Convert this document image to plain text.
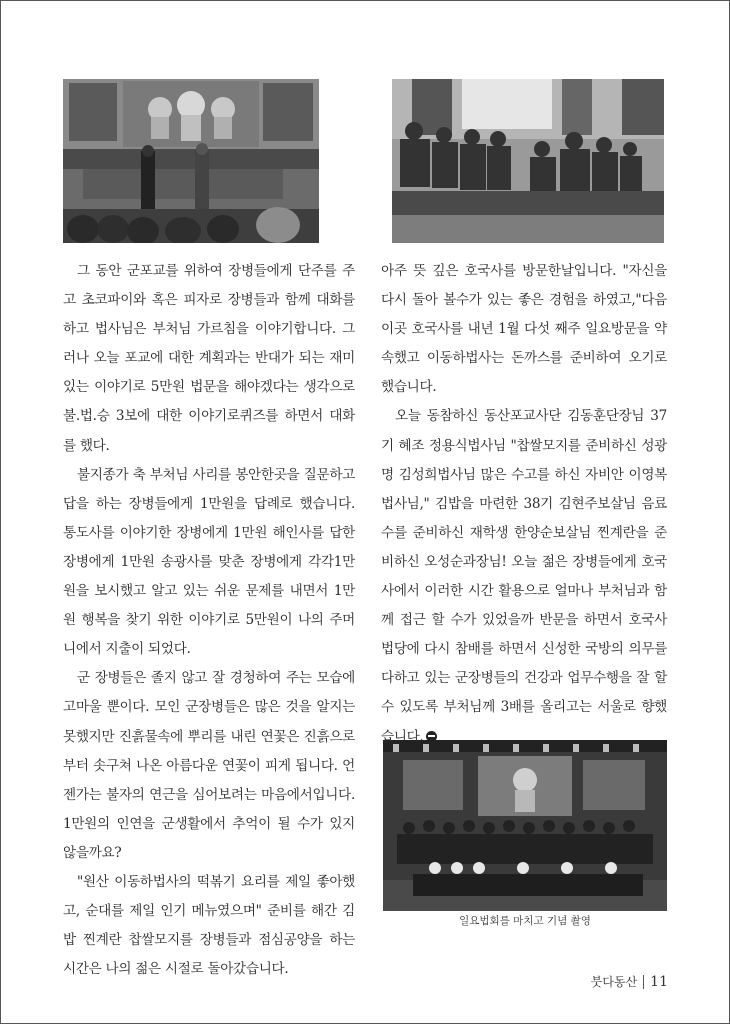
그 동안 군포교를 위하여 장병들에게 단주를 주고 초코파이와 혹은 피자로 장병들과 함께 대화를 하고 법사님은 부처님 가르침을 이야기합니다. 그러나 오늘 포교에 대한 계획과는 반대가 되는 재미있는 이야기로 5만원 법문을 해야겠다는 생각으로 불.법.승 3보에 대한 이야기로퀴즈를 하면서 대화를 했다.

불지종가 축 부처님 사리를 봉안한곳을 질문하고 답을 하는 장병들에게 1만원을 답례로 했습니다. 통도사를 이야기한 장병에게 1만원 해인사를 답한 장병에게 1만원 송광사를 맞춘 장병에게 각각1만원을 보시했고 알고 있는 쉬운 문제를 내면서 1만원 행복을 찾기 위한 이야기로 5만원이 나의 주머니에서 지출이 되었다.

군 장병들은 졸지 않고 잘 경청하여 주는 모습에 고마울 뿐이다. 모인 군장병들은 많은 것을 알지는 못했지만 진흙물속에 뿌리를 내린 연꽃은 진흙으로 부터 솟구쳐 나온 아름다운 연꽃이 피게 됩니다. 언젠가는 불자의 연근을 심어보려는 마음에서입니다. 1만원의 인연을 군생활에서 추억이 될 수가 있지 않을까요?

"원산 이동하법사의 떡볶기 요리를 제일 좋아했고, 순대를 제일 인기 메뉴였으며" 준비를 해간 김밥 찐계란 찹쌀모지를 장병들과 점심공양을 하는 시간은 나의 젊은 시절로 돌아갔습니다.

아주 뜻 깊은 호국사를 방문한날입니다. "자신을 다시 돌아 볼수가 있는 좋은 경험을 하였고,"다음 이곳 호국사를 내년 1월 다섯 째주 일요방문을 약속했고 이동하법사는 돈까스를 준비하여 오기로 했습니다.

오늘 동참하신 동산포교사단 김동훈단장님 37기 혜조 정용식법사님 "찹쌀모지를 준비하신 성광명 김성희법사님 많은 수고를 하신 자비안 이영복법사님," 김밥을 마련한 38기 김현주보살님 음료수를 준비하신 재학생 한양순보살님 찐계란을 준비하신 오성순과장님! 오늘 젊은 장병들에게 호국사에서 이러한 시간 활용으로 얼마나 부처님과 함께 접근 할 수가 있었을까 반문을 하면서 호국사 법당에 다시 참배를 하면서 신성한 국방의 의무를 다하고 있는 군장병들의 건강과 업무수행을 잘 할 수 있도록 부처님께 3배를 올리고는 서울로 향했습니다.

일요법회를 마치고 기념 촬영
붓다동산 11
